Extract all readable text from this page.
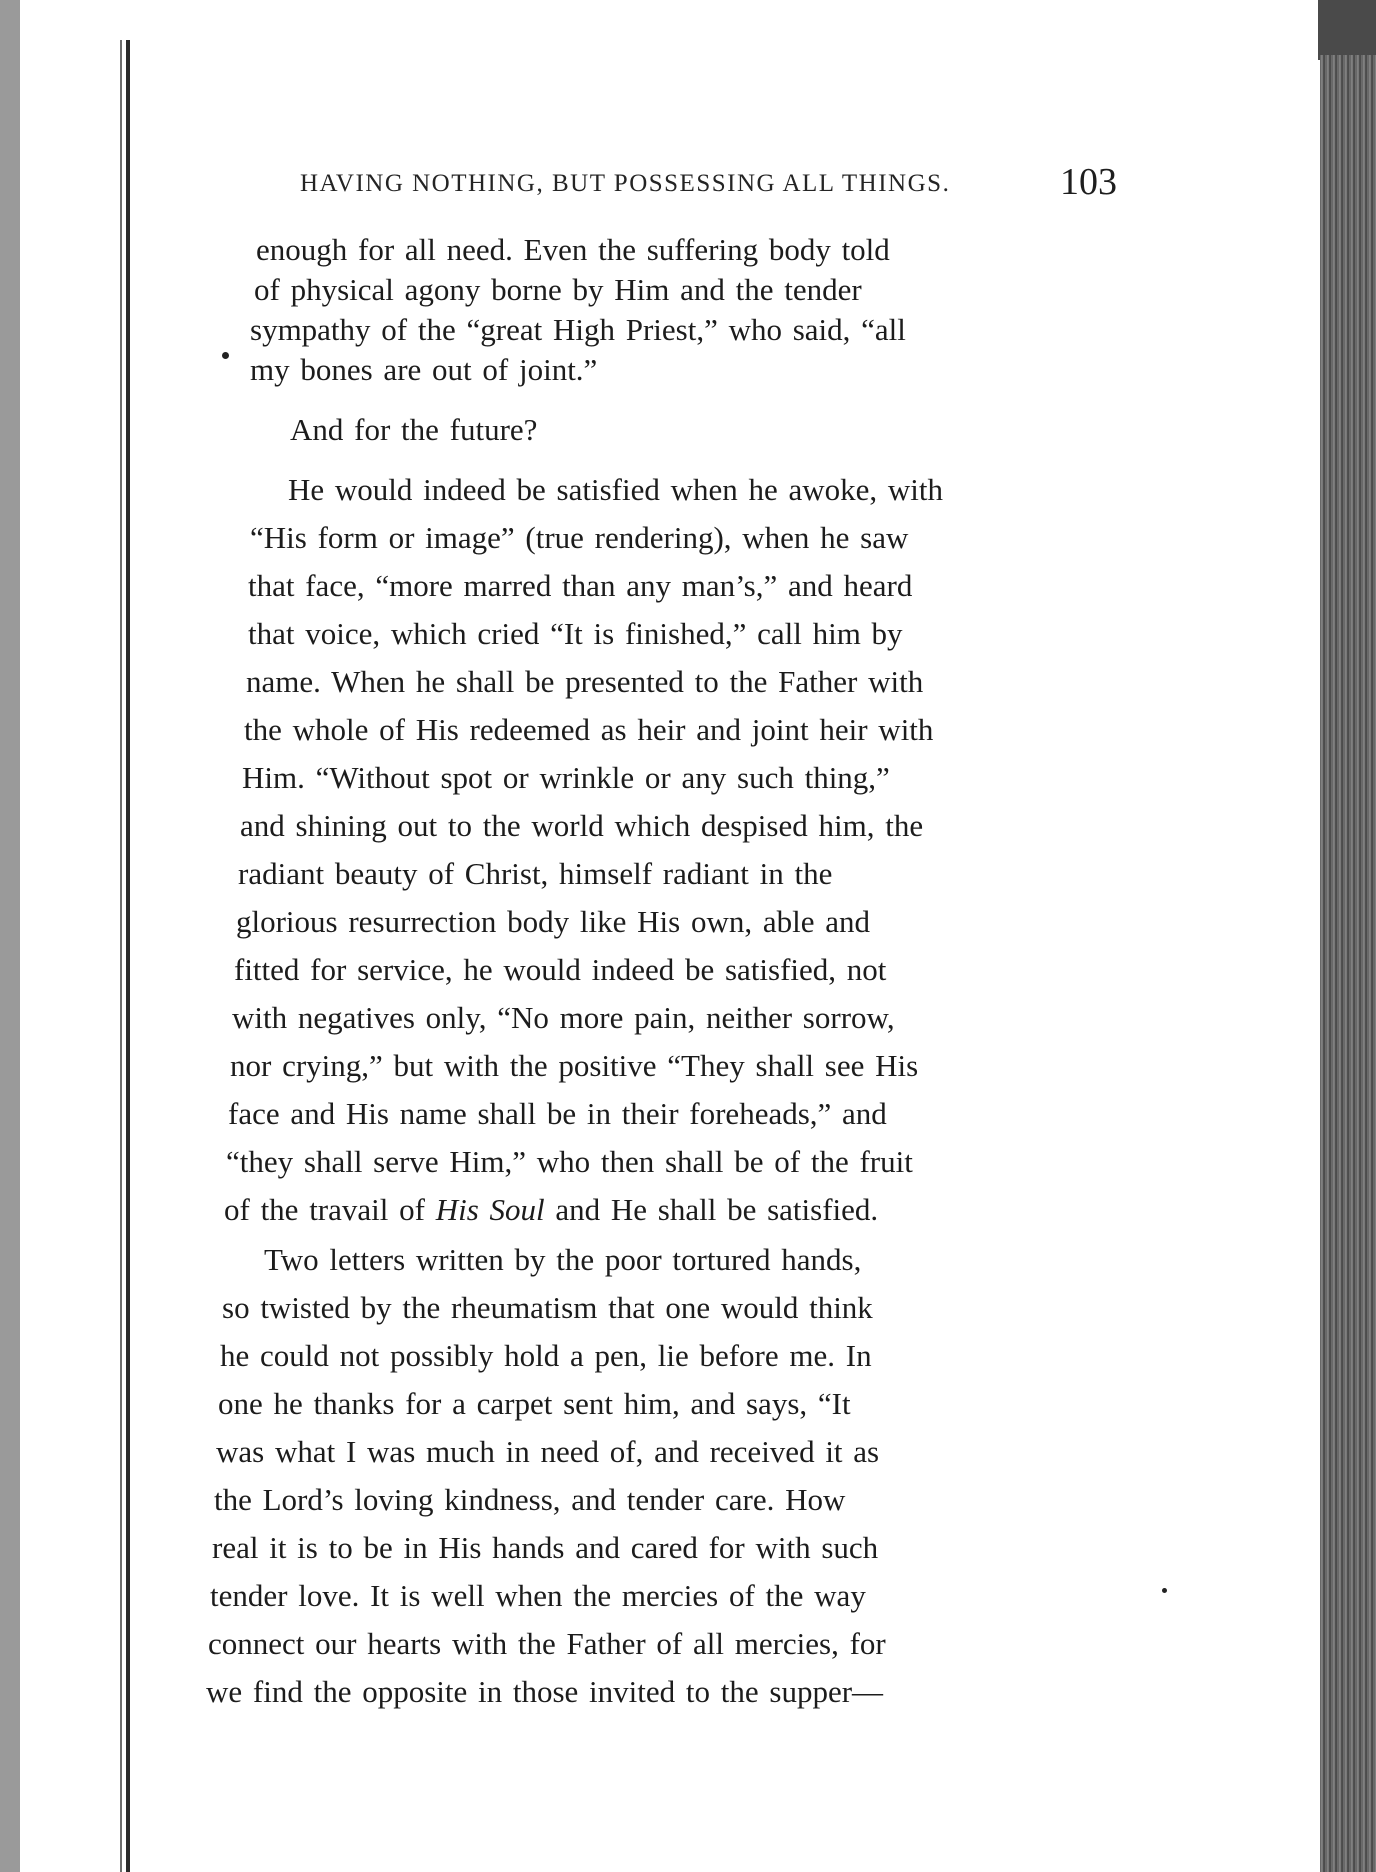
HAVING NOTHING, BUT POSSESSING ALL THINGS.	103
enough for all need. Even the suffering body told
of physical agony borne by Him and the tender
sympathy of the “great High Priest,” who said, “all
my bones are out of joint.”
And for the future?
He would indeed be satisfied when he awoke, with
“His form or image” (true rendering), when he saw
that face, “more marred than any man’s,” and heard
that voice, which cried “It is finished,” call him by
name. When he shall be presented to the Father with
the whole of His redeemed as heir and joint heir with
Him. “Without spot or wrinkle or any such thing,”
and shining out to the world which despised him, the
radiant beauty of Christ, himself radiant in the
glorious resurrection body like His own, able and
fitted for service, he would indeed be satisfied, not
with negatives only, “No more pain, neither sorrow,
nor crying,” but with the positive “They shall see His
face and His name shall be in their foreheads,” and
“they shall serve Him,” who then shall be of the fruit
of the travail of His Soul and He shall be satisfied.
Two letters written by the poor tortured hands,
so twisted by the rheumatism that one would think
he could not possibly hold a pen, lie before me. In
one he thanks for a carpet sent him, and says, “It
was what I was much in need of, and received it as
the Lord’s loving kindness, and tender care. How
real it is to be in His hands and cared for with such
tender love. It is well when the mercies of the way
connect our hearts with the Father of all mercies, for
we find the opposite in those invited to the supper—
